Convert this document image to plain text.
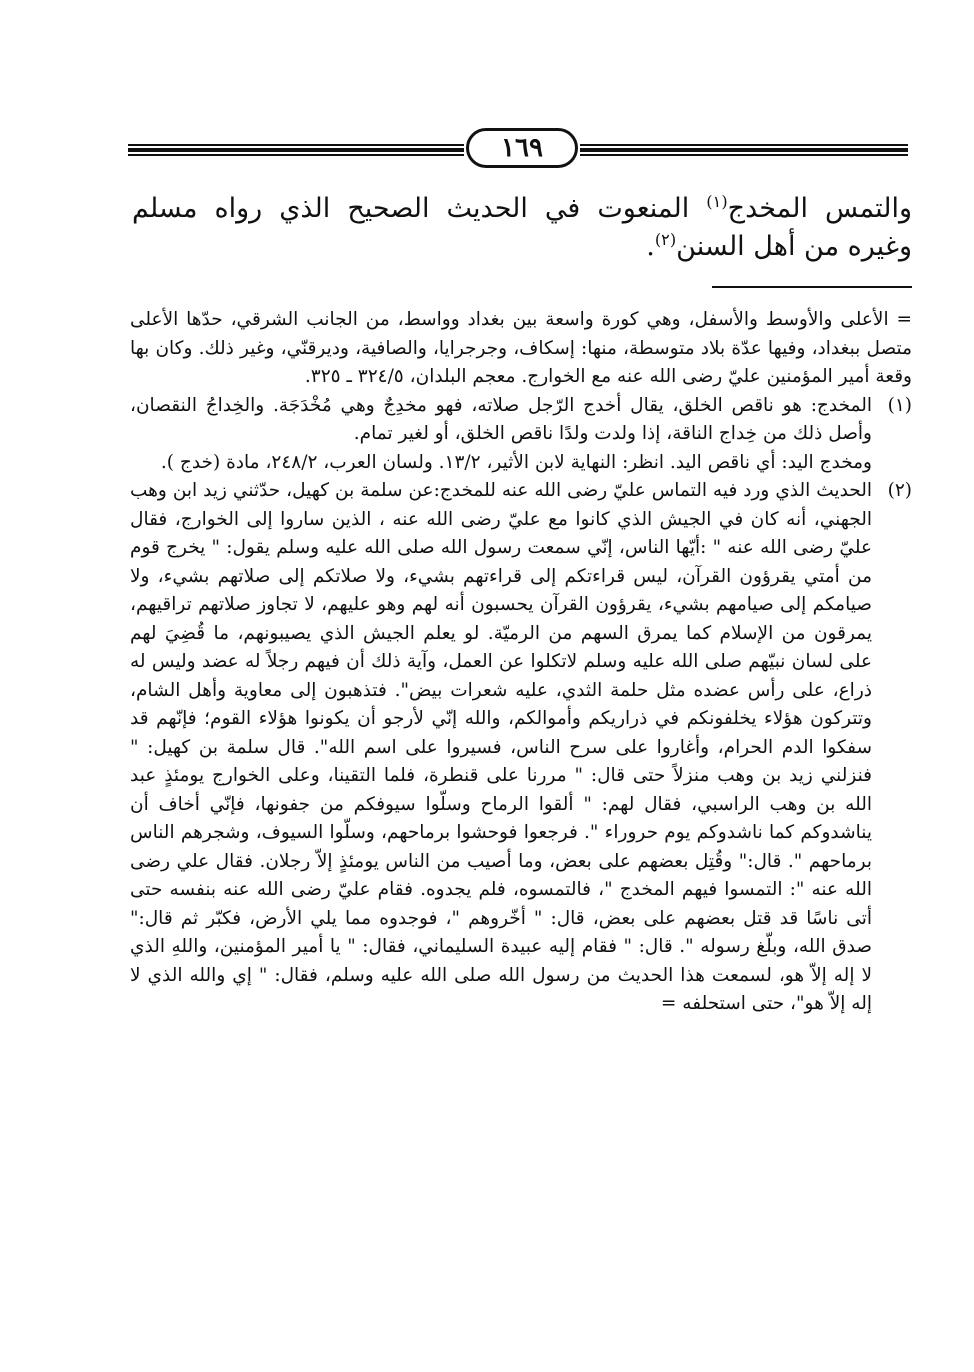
١٦٩
والتمس المخدج$^{(١)}$ المنعوت في الحديث الصحيح الذي رواه مسلم وغيره من أهل السنن$^{(٢)}$.

= الأعلى والأوسط والأسفل، وهي كورة واسعة بين بغداد وواسط، من الجانب الشرقي، حدّها الأعلى متصل ببغداد، وفيها عدّة بلاد متوسطة، منها: إسكاف، وجرجرايا، والصافية، وديرقنّي، وغير ذلك. وكان بها وقعة أمير المؤمنين عليّ رضى الله عنه مع الخوارج. معجم البلدان، ٣٢٤/٥ ـ ٣٢٥.

(١)

المخدج: هو ناقص الخلق، يقال أخدج الرّجل صلاته، فهو مخدِجٌ وهي مُخْدَجَة. والخِداجُ النقصان، وأصل ذلك من خِداج الناقة، إذا ولدت ولدًا ناقص الخلق، أو لغير تمام.

ومخدج اليد: أي ناقص اليد. انظر: النهاية لابن الأثير، ١٣/٢. ولسان العرب، ٢٤٨/٢، مادة (خدج ).

(٢)

الحديث الذي ورد فيه التماس عليّ رضى الله عنه للمخدج:عن سلمة بن كهيل، حدّثني زيد ابن وهب الجهني، أنه كان في الجيش الذي كانوا مع عليّ رضى الله عنه ، الذين ساروا إلى الخوارج، فقال عليّ رضى الله عنه " :أيّها الناس، إنّي سمعت رسول الله صلى الله عليه وسلم يقول: " يخرج قوم من أمتي يقرؤون القرآن، ليس قراءتكم إلى قراءتهم بشيء، ولا صلاتكم إلى صلاتهم بشيء، ولا صيامكم إلى صيامهم بشيء، يقرؤون القرآن يحسبون أنه لهم وهو عليهم، لا تجاوز صلاتهم تراقيهم، يمرقون من الإسلام كما يمرق السهم من الرميّة. لو يعلم الجيش الذي يصيبونهم، ما قُضِيَ لهم على لسان نبيّهم صلى الله عليه وسلم لاتكلوا عن العمل، وآية ذلك أن فيهم رجلاً له عضد وليس له ذراع، على رأس عضده مثل حلمة الثدي، عليه شعرات بيض". فتذهبون إلى معاوية وأهل الشام، وتتركون هؤلاء يخلفونكم في ذراريكم وأموالكم، والله إنّي لأرجو أن يكونوا هؤلاء القوم؛ فإنّهم قد سفكوا الدم الحرام، وأغاروا على سرح الناس، فسيروا على اسم الله". قال سلمة بن كهيل: " فنزلني زيد بن وهب منزلاً حتى قال: " مررنا على قنطرة، فلما التقينا، وعلى الخوارج يومئذٍ عبد الله بن وهب الراسبي، فقال لهم: " ألقوا الرماح وسلّوا سيوفكم من جفونها، فإنّي أخاف أن يناشدوكم كما ناشدوكم يوم حروراء ". فرجعوا فوحشوا برماحهم، وسلّوا السيوف، وشجرهم الناس برماحهم ". قال:" وقُتِل بعضهم على بعض، وما أصيب من الناس يومئذٍ إلاّ رجلان. فقال علي رضى الله عنه ": التمسوا فيهم المخدج "، فالتمسوه، فلم يجدوه. فقام عليّ رضى الله عنه بنفسه حتى أتى ناسًا قد قتل بعضهم على بعض، قال: " أخّروهم "، فوجدوه مما يلي الأرض، فكبّر ثم قال:" صدق الله، وبلّغ رسوله ". قال: " فقام إليه عبيدة السليماني، فقال: " يا أمير المؤمنين، واللهِ الذي لا إله إلاّ هو، لسمعت هذا الحديث من رسول الله صلى الله عليه وسلم، فقال: " إي والله الذي لا إله إلاّ هو"، حتى استحلفه =
